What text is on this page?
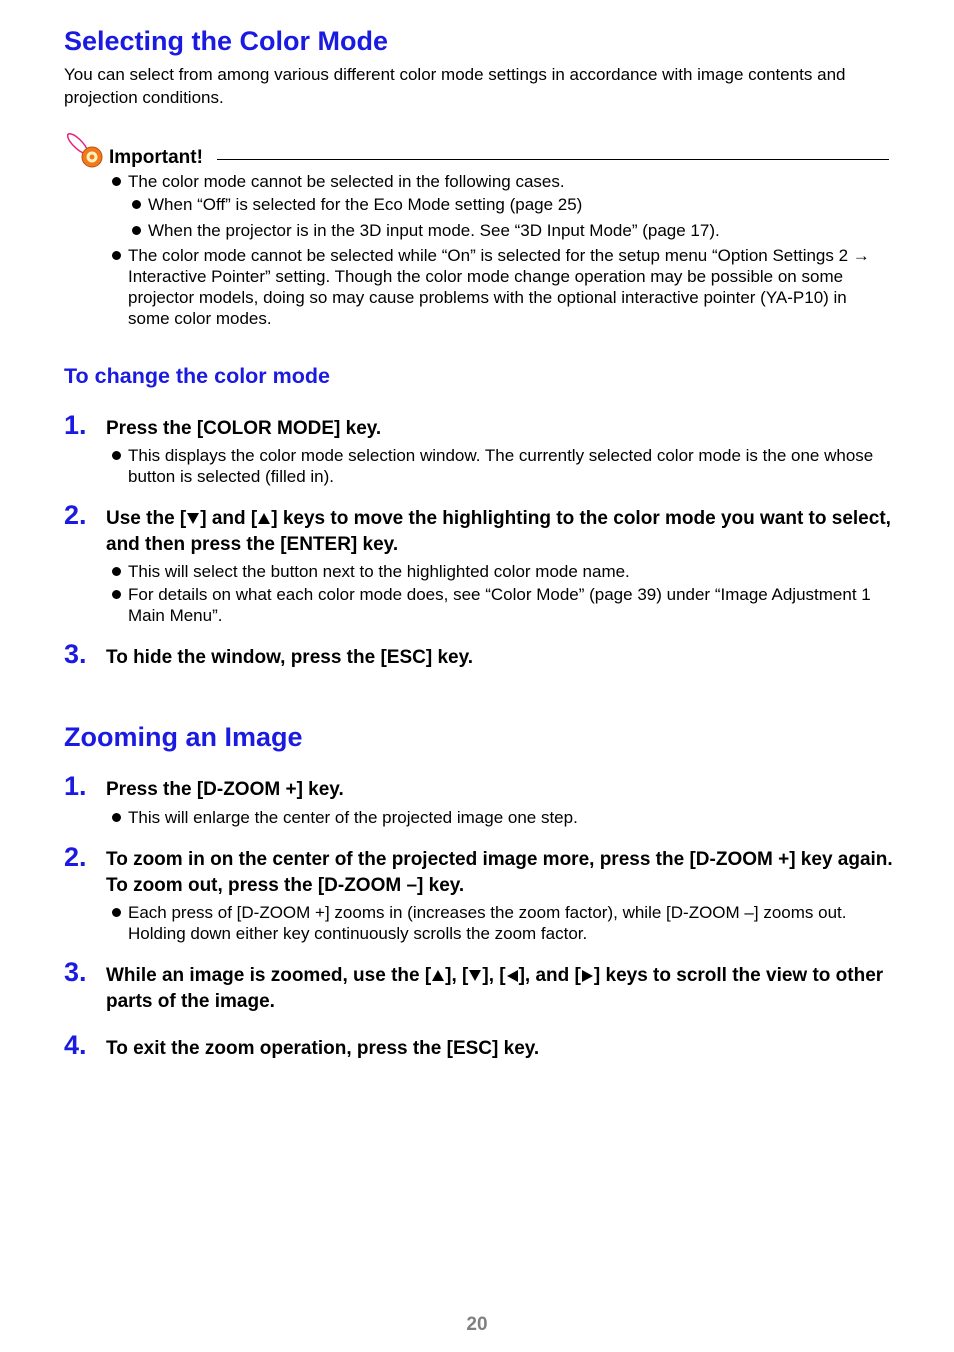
Selecting the Color Mode
You can select from among various different color mode settings in accordance with image contents and projection conditions.
Important!
The color mode cannot be selected in the following cases.
When “Off” is selected for the Eco Mode setting (page 25)
When the projector is in the 3D input mode. See “3D Input Mode” (page 17).
The color mode cannot be selected while “On” is selected for the setup menu “Option Settings 2 → Interactive Pointer” setting. Though the color mode change operation may be possible on some projector models, doing so may cause problems with the optional interactive pointer (YA-P10) in some color modes.
To change the color mode
1. Press the [COLOR MODE] key.
This displays the color mode selection window. The currently selected color mode is the one whose button is selected (filled in).
2. Use the [ ] and [ ] keys to move the highlighting to the color mode you want to select, and then press the [ENTER] key.
This will select the button next to the highlighted color mode name.
For details on what each color mode does, see “Color Mode” (page 39) under “Image Adjustment 1 Main Menu”.
3. To hide the window, press the [ESC] key.
Zooming an Image
1. Press the [D-ZOOM +] key.
This will enlarge the center of the projected image one step.
2. To zoom in on the center of the projected image more, press the [D-ZOOM +] key again. To zoom out, press the [D-ZOOM –] key.
Each press of [D-ZOOM +] zooms in (increases the zoom factor), while [D-ZOOM –] zooms out. Holding down either key continuously scrolls the zoom factor.
3. While an image is zoomed, use the [ ], [ ], [ ], and [ ] keys to scroll the view to other parts of the image.
4. To exit the zoom operation, press the [ESC] key.
20
